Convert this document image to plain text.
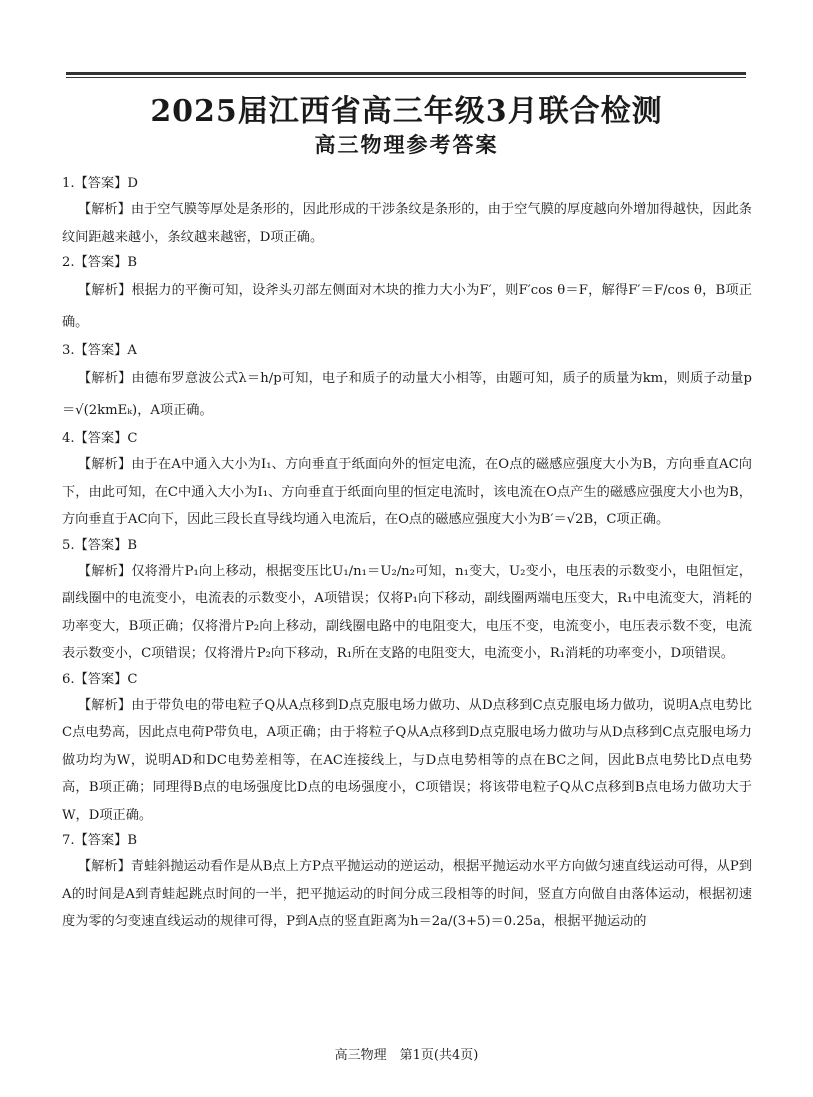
2025届江西省高三年级3月联合检测
高三物理参考答案

1.【答案】D

【解析】由于空气膜等厚处是条形的，因此形成的干涉条纹是条形的，由于空气膜的厚度越向外增加得越快，因此条纹间距越来越小，条纹越来越密，D项正确。

2.【答案】B

【解析】根据力的平衡可知，设斧头刃部左侧面对木块的推力大小为F′，则F′cos θ＝F，解得F′＝F/cos θ，B项正确。

3.【答案】A

【解析】由德布罗意波公式λ＝h/p可知，电子和质子的动量大小相等，由题可知，质子的质量为km，则质子动量p＝√(2kmEₖ)，A项正确。

4.【答案】C

【解析】由于在A中通入大小为I₁、方向垂直于纸面向外的恒定电流，在O点的磁感应强度大小为B，方向垂直AC向下，由此可知，在C中通入大小为I₁、方向垂直于纸面向里的恒定电流时，该电流在O点产生的磁感应强度大小也为B，方向垂直于AC向下，因此三段长直导线均通入电流后，在O点的磁感应强度大小为B′＝√2B，C项正确。

5.【答案】B

【解析】仅将滑片P₁向上移动，根据变压比U₁/n₁＝U₂/n₂可知，n₁变大，U₂变小，电压表的示数变小，电阻恒定，副线圈中的电流变小，电流表的示数变小，A项错误；仅将P₁向下移动，副线圈两端电压变大，R₁中电流变大，消耗的功率变大，B项正确；仅将滑片P₂向上移动，副线圈电路中的电阻变大，电压不变，电流变小，电压表示数不变，电流表示数变小，C项错误；仅将滑片P₂向下移动，R₁所在支路的电阻变大，电流变小，R₁消耗的功率变小，D项错误。

6.【答案】C

【解析】由于带负电的带电粒子Q从A点移到D点克服电场力做功、从D点移到C点克服电场力做功，说明A点电势比C点电势高，因此点电荷P带负电，A项正确；由于将粒子Q从A点移到D点克服电场力做功与从D点移到C点克服电场力做功均为W，说明AD和DC电势差相等，在AC连接线上，与D点电势相等的点在BC之间，因此B点电势比D点电势高，B项正确；同理得B点的电场强度比D点的电场强度小，C项错误；将该带电粒子Q从C点移到B点电场力做功大于W，D项正确。

7.【答案】B

【解析】青蛙斜抛运动看作是从B点上方P点平抛运动的逆运动，根据平抛运动水平方向做匀速直线运动可得，从P到A的时间是A到青蛙起跳点时间的一半，把平抛运动的时间分成三段相等的时间，竖直方向做自由落体运动，根据初速度为零的匀变速直线运动的规律可得，P到A点的竖直距离为h＝2a/(3+5)＝0.25a，根据平抛运动的

高三物理　第1页(共4页)
